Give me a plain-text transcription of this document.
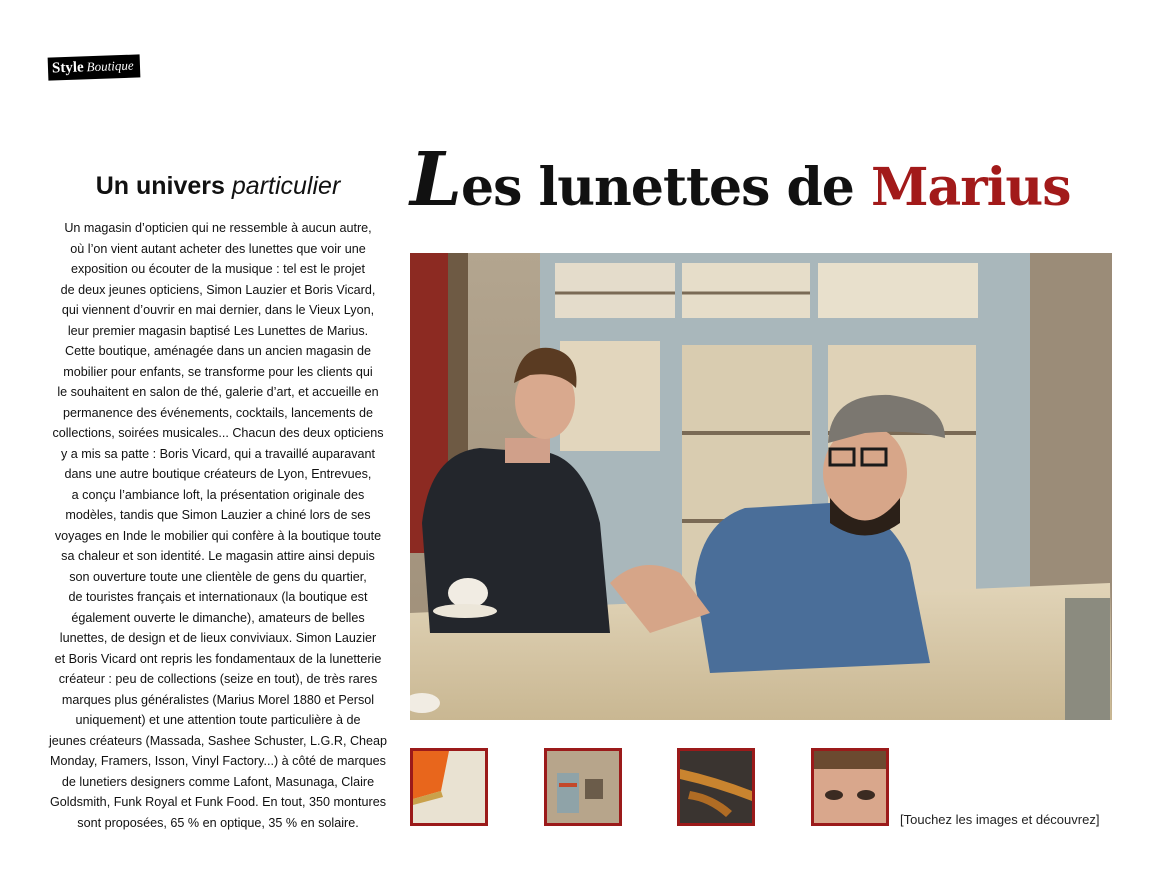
Style Boutique
Un univers particulier

Un magasin d’opticien qui ne ressemble à aucun autre,
où l’on vient autant acheter des lunettes que voir une
exposition ou écouter de la musique : tel est le projet
de deux jeunes opticiens, Simon Lauzier et Boris Vicard,
qui viennent d’ouvrir en mai dernier, dans le Vieux Lyon,
leur premier magasin baptisé Les Lunettes de Marius.
Cette boutique, aménagée dans un ancien magasin de
mobilier pour enfants, se transforme pour les clients qui
le souhaitent en salon de thé, galerie d’art, et accueille en
permanence des événements, cocktails, lancements de
collections, soirées musicales... Chacun des deux opticiens
y a mis sa patte : Boris Vicard, qui a travaillé auparavant
dans une autre boutique créateurs de Lyon, Entrevues,
a conçu l’ambiance loft, la présentation originale des
modèles, tandis que Simon Lauzier a chiné lors de ses
voyages en Inde le mobilier qui confère à la boutique toute
sa chaleur et son identité. Le magasin attire ainsi depuis
son ouverture toute une clientèle de gens du quartier,
de touristes français et internationaux (la boutique est
également ouverte le dimanche), amateurs de belles
lunettes, de design et de lieux conviviaux. Simon Lauzier
et Boris Vicard ont repris les fondamentaux de la lunetterie
créateur : peu de collections (seize en tout), de très rares
marques plus généralistes (Marius Morel 1880 et Persol
uniquement) et une attention toute particulière à de
jeunes créateurs (Massada, Sashee Schuster, L.G.R, Cheap
Monday, Framers, Isson, Vinyl Factory...) à côté de marques
de lunetiers designers comme Lafont, Masunaga, Claire
Goldsmith, Funk Royal et Funk Food. En tout, 350 montures
sont proposées, 65 % en optique, 35 % en solaire.

Les lunettes de Marius
[Touchez les images et découvrez]
